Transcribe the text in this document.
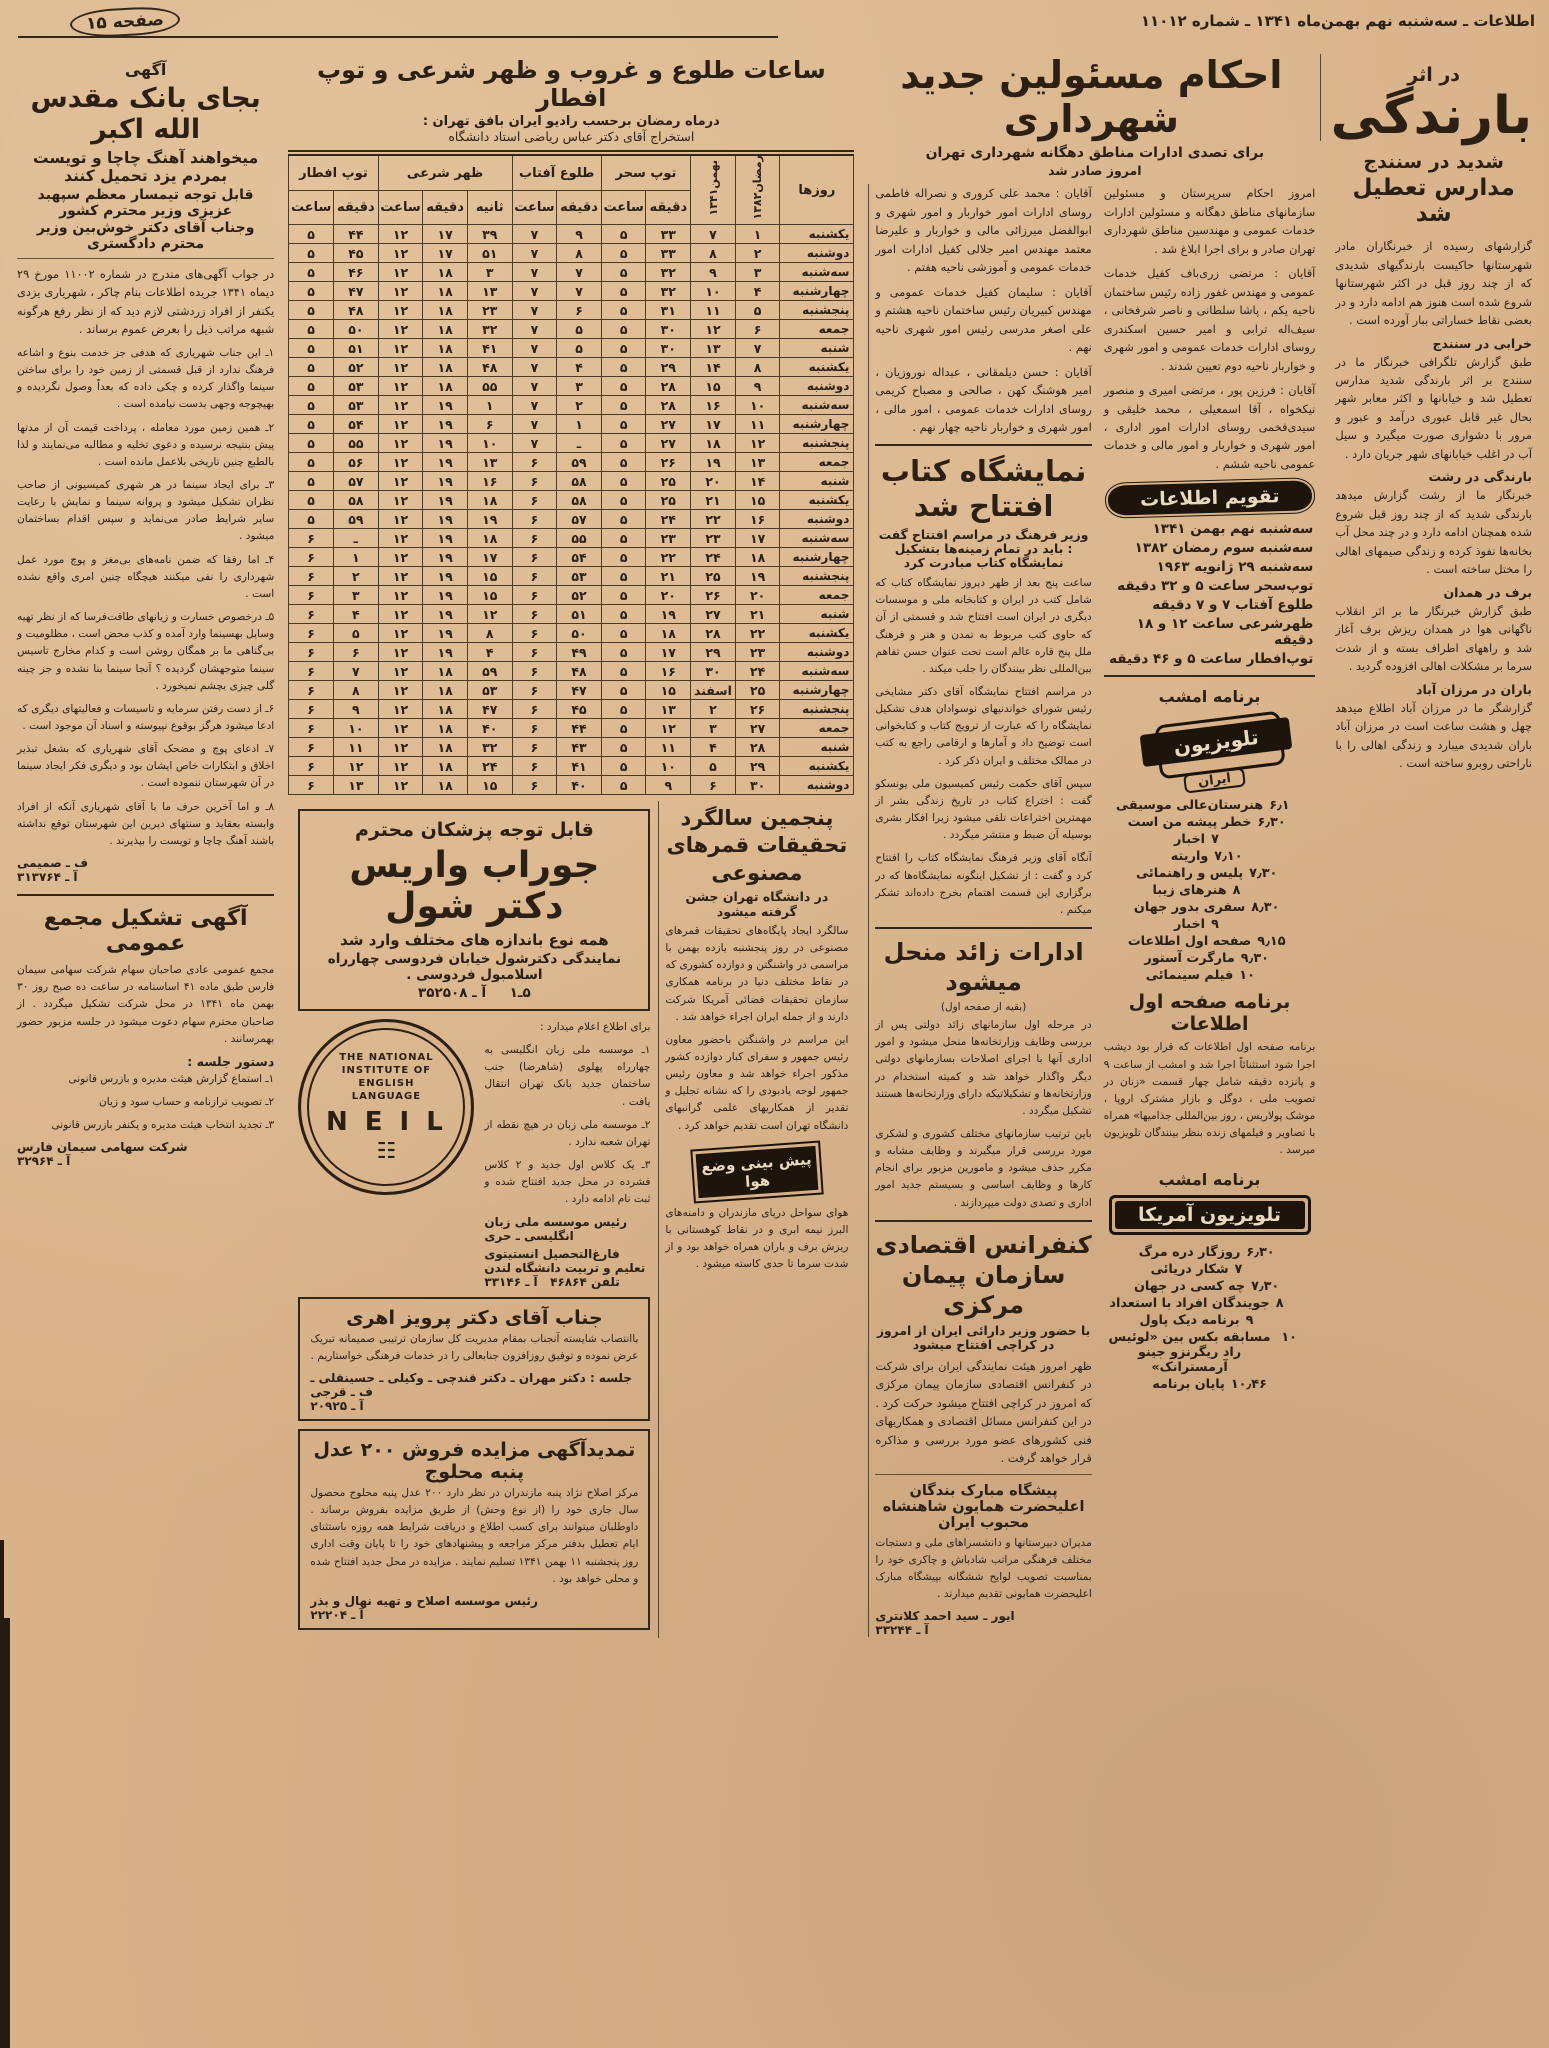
اطلاعات ـ سه‌شنبه نهم بهمن‌ماه ۱۳۴۱ ـ شماره ۱۱۰۱۲
صفحه ۱۵
در اثر
بارندگی
شدید در سنندج
مدارس تعطیل شد

گزارشهای رسیده از خبرنگاران مادر شهرستانها حاکیست بارندگیهای شدیدی که از چند روز قبل در اکثر شهرستانها شروع شده است هنوز هم ادامه دارد و در بعضی نقاط خساراتی ببار آورده است .

خرابی در سنندج

طبق گزارش تلگرافی خبرنگار ما در سنندج بر اثر بارندگی شدید مدارس تعطیل شد و خیابانها و اکثر معابر شهر بحال غیر قابل عبوری درآمد و عبور و مرور با دشواری صورت میگیرد و سیل آب در اغلب خیابانهای شهر جریان دارد .

بارندگی در رشت

خبرنگار ما از رشت گزارش میدهد بارندگی شدید که از چند روز قبل شروع شده همچنان ادامه دارد و در چند محل آب بخانه‌ها نفوذ کرده و زندگی صیمهای اهالی را مختل ساخته است .

برف در همدان

طبق گزارش خبرنگار ما بر اثر انقلاب ناگهانی هوا در همدان ریزش برف آغاز شد و راههای اطراف بسته و از شدت سرما بر مشکلات اهالی افزوده گردید .

باران در مرزان آباد

گزارشگر ما در مرزان آباد اطلاع میدهد چهل و هشت ساعت است در مرزان آباد باران شدیدی میبارد و زندگی اهالی را با ناراحتی روبرو ساخته است .

احکام مسئولین جدید شهرداری
برای تصدی ادارات مناطق دهگانه شهرداری تهران
امروز صادر شد

امروز احکام سرپرستان و مسئولین سازمانهای مناطق دهگانه و مسئولین ادارات خدمات عمومی و مهندسین مناطق شهرداری تهران صادر و برای اجرا ابلاغ شد .

آقایان : مرتضی زری‌باف کفیل خدمات عمومی و مهندس غفور زاده رئیس ساختمان ناحیه یکم ، پاشا سلطانی و ناصر شرفخانی ، سیف‌اله ترابی و امیر حسین اسکندری روسای ادارات خدمات عمومی و امور شهری و خواربار ناحیه دوم تعیین شدند .

آقایان : فرزین پور ، مرتضی امیری و منصور نیکخواه ، آقا اسمعیلی ، محمد خلیقی و سیدی‌فخمی روسای ادارات امور اداری ، امور شهری و خواربار و امور مالی و خدمات عمومی ناحیه ششم .

تقویم اطلاعات
سه‌شنبه نهم بهمن ۱۳۴۱
سه‌شنبه سوم رمضان ۱۳۸۲
سه‌شنبه ۲۹ ژانویه ۱۹۶۳
توپ‌سحر ساعت ۵ و ۳۲ دقیقه
طلوع آفتاب ۷ و ۷ دقیقه
ظهرشرعی ساعت ۱۲ و ۱۸ دقیقه
توپ‌افطار ساعت ۵ و ۴۶ دقیقه
برنامه امشب
تلویزیون
ایران
۶٫۱
هنرستان‌عالی موسیقی
۶٫۳۰
خطر پیشه من است
۷
اخبار
۷٫۱۰
واریته
۷٫۳۰
پلیس و راهنمائی
۸
هنرهای زیبا
۸٫۳۰
سفری بدور جهان
۹
اخبار
۹٫۱۵
صفحه اول اطلاعات
۹٫۳۰
مارگرت آستور
۱۰
فیلم سینمائی
برنامه صفحه اول اطلاعات

برنامه صفحه اول اطلاعات که قرار بود دیشب اجرا شود استثنائاً اجرا شد و امشب از ساعت ۹ و پانزده دقیقه شامل چهار قسمت «زنان در تصویب ملی ، دوگل و بازار مشترک اروپا ، موشک پولاریس ، روز بین‌المللی جذامیها» همراه با تصاویر و فیلمهای زنده بنظر بینندگان تلویزیون میرسد .

برنامه امشب
تلویزیون آمریکا
۶٫۳۰
روزگار دره مرگ
۷
شکار دریائی
۷٫۳۰
چه کسی در جهان
۸
جویندگان افراد با استعداد
۹
برنامه دیک پاول
۱۰
مسابقه بکس بین «لوئیس راد ریگرنزو جینو آرمسترانک»
۱۰٫۴۶
پایان برنامه

آقایان : محمد علی کروری و نصراله فاطمی روسای ادارات امور خواربار و امور شهری و ابوالفضل میرزائی مالی و خواربار و علیرضا معتمد مهندس امیر جلالی کفیل ادارات امور خدمات عمومی و آموزشی ناحیه هفتم .

آقایان : سلیمان کفیل خدمات عمومی و مهندس کبیریان رئیس ساختمان ناحیه هشتم و علی اصغر مدرسی رئیس امور شهری ناحیه نهم .

آقایان : حسن دیلمقانی ، عبداله نوروزیان ، امیر هوشنگ کهن ، صالحی و مصباح کریمی روسای ادارات خدمات عمومی ، امور مالی ، امور شهری و خواربار ناحیه چهار نهم .

نمایشگاه کتاب افتتاح شد
وزیر فرهنگ در مراسم افتتاح گفت : باید در تمام زمینه‌ها بتشکیل نمایشگاه کتاب مبادرت کرد

ساعت پنج بعد از ظهر دیروز نمایشگاه کتاب که شامل کتب در ایران و کتابخانه ملی و موسسات دیگری در ایران است افتتاح شد و قسمتی از آن که حاوی کتب مربوط به تمدن و هنر و فرهنگ ملل پنج قاره عالم است تحت عنوان حسن تفاهم بین‌المللی نظر بینندگان را جلب میکند .

در مراسم افتتاح نمایشگاه آقای دکتر مشایخی رئیس شورای خواندنیهای نوسوادان هدف تشکیل نمایشگاه را که عبارت از ترویج کتاب و کتابخوانی است توضیح داد و آمارها و ارقامی راجع به کتب در ممالک مختلف و ایران ذکر کرد .

سپس آقای حکمت رئیس کمیسیون ملی یونسکو گفت : اختراع کتاب در تاریخ زندگی بشر از مهمترین اختراعات تلقی میشود زیرا افکار بشری بوسیله آن ضبط و منتشر میگردد .

آنگاه آقای وزیر فرهنگ نمایشگاه کتاب را افتتاح کرد و گفت : از تشکیل اینگونه نمایشگاه‌ها که در برگزاری این قسمت اهتمام بخرج داده‌اند تشکر میکنم .

ادارات زائد منحل میشود
(بقیه از صفحه اول)

در مرحله اول سازمانهای زائد دولتی پس از بررسی وظایف وزارتخانه‌ها منحل میشود و امور اداری آنها با اجرای اصلاحات بسازمانهای دولتی دیگر واگذار خواهد شد و کمیته استخدام در وزارتخانه‌ها و تشکیلاتیکه دارای وزارتخانه‌ها هستند تشکیل میگردد .

باین ترتیب سازمانهای مختلف کشوری و لشکری مورد بررسی قرار میگیرند و وظایف مشابه و مکرر حذف میشود و مامورین مزبور برای انجام کارها و وظایف اساسی و بسیستم جدید امور اداری و تصدی دولت میپردازند .

کنفرانس اقتصادی سازمان پیمان مرکزی
با حضور وزیر دارائی ایران از امروز در کراچی افتتاح میشود

ظهر امروز هیئت نمایندگی ایران برای شرکت در کنفرانس اقتصادی سازمان پیمان مرکزی که امروز در کراچی افتتاح میشود حرکت کرد . در این کنفرانس مسائل اقتصادی و همکاریهای فنی کشورهای عضو مورد بررسی و مذاکره قرار خواهد گرفت .

پیشگاه مبارک بندگان اعلیحضرت همایون شاهنشاه محبوب ایران

مدیران دبیرستانها و دانشسراهای ملی و دستجات مختلف فرهنگی مراتب شادباش و چاکری خود را بمناسبت تصویب لوایح ششگانه بپیشگاه مبارک اعلیحضرت همایونی تقدیم میدارند .

ایور ـ سید احمد کلانتری
آ ـ ۳۳۲۴۴
ساعات طلوع و غروب و ظهر شرعی و توپ افطار
درماه رمضان برحسب رادیو ایران بافق تهران :
استخراج آقای دکتر عباس ریاضی استاد دانشگاه
روزها	رمضان۱۳۸۲	بهمن۱۳۴۱	توپ سحر		طلوع آفتاب		ظهر شرعی			توپ افطار	
			دقیقه	ساعت	دقیقه	ساعت	ثانیه	دقیقه	ساعت	دقیقه	ساعت
یکشنبه	۱	۷	۳۳	۵	۹	۷	۳۹	۱۷	۱۲	۴۴	۵
دوشنبه	۲	۸	۳۳	۵	۸	۷	۵۱	۱۷	۱۲	۴۵	۵
سه‌شنبه	۳	۹	۳۲	۵	۷	۷	۳	۱۸	۱۲	۴۶	۵
چهارشنبه	۴	۱۰	۳۲	۵	۷	۷	۱۳	۱۸	۱۲	۴۷	۵
پنجشنبه	۵	۱۱	۳۱	۵	۶	۷	۲۳	۱۸	۱۲	۴۸	۵
جمعه	۶	۱۲	۳۰	۵	۵	۷	۳۲	۱۸	۱۲	۵۰	۵
شنبه	۷	۱۳	۳۰	۵	۵	۷	۴۱	۱۸	۱۲	۵۱	۵
یکشنبه	۸	۱۴	۲۹	۵	۴	۷	۴۸	۱۸	۱۲	۵۲	۵
دوشنبه	۹	۱۵	۲۸	۵	۳	۷	۵۵	۱۸	۱۲	۵۳	۵
سه‌شنبه	۱۰	۱۶	۲۸	۵	۲	۷	۱	۱۹	۱۲	۵۳	۵
چهارشنبه	۱۱	۱۷	۲۷	۵	۱	۷	۶	۱۹	۱۲	۵۴	۵
پنجشنبه	۱۲	۱۸	۲۷	۵	ـ	۷	۱۰	۱۹	۱۲	۵۵	۵
جمعه	۱۳	۱۹	۲۶	۵	۵۹	۶	۱۳	۱۹	۱۲	۵۶	۵
شنبه	۱۴	۲۰	۲۵	۵	۵۸	۶	۱۶	۱۹	۱۲	۵۷	۵
یکشنبه	۱۵	۲۱	۲۵	۵	۵۸	۶	۱۸	۱۹	۱۲	۵۸	۵
دوشنبه	۱۶	۲۲	۲۴	۵	۵۷	۶	۱۹	۱۹	۱۲	۵۹	۵
سه‌شنبه	۱۷	۲۳	۲۳	۵	۵۵	۶	۱۸	۱۹	۱۲	ـ	۶
چهارشنبه	۱۸	۲۴	۲۲	۵	۵۴	۶	۱۷	۱۹	۱۲	۱	۶
پنجشنبه	۱۹	۲۵	۲۱	۵	۵۳	۶	۱۵	۱۹	۱۲	۲	۶
جمعه	۲۰	۲۶	۲۰	۵	۵۲	۶	۱۵	۱۹	۱۲	۳	۶
شنبه	۲۱	۲۷	۱۹	۵	۵۱	۶	۱۲	۱۹	۱۲	۴	۶
یکشنبه	۲۲	۲۸	۱۸	۵	۵۰	۶	۸	۱۹	۱۲	۵	۶
دوشنبه	۲۳	۲۹	۱۷	۵	۴۹	۶	۴	۱۹	۱۲	۶	۶
سه‌شنبه	۲۴	۳۰	۱۶	۵	۴۸	۶	۵۹	۱۸	۱۲	۷	۶
چهارشنبه	۲۵	اسفند	۱۵	۵	۴۷	۶	۵۳	۱۸	۱۲	۸	۶
پنجشنبه	۲۶	۲	۱۳	۵	۴۵	۶	۴۷	۱۸	۱۲	۹	۶
جمعه	۲۷	۳	۱۲	۵	۴۴	۶	۴۰	۱۸	۱۲	۱۰	۶
شنبه	۲۸	۴	۱۱	۵	۴۳	۶	۳۲	۱۸	۱۲	۱۱	۶
یکشنبه	۲۹	۵	۱۰	۵	۴۱	۶	۲۴	۱۸	۱۲	۱۲	۶
دوشنبه	۳۰	۶	۹	۵	۴۰	۶	۱۵	۱۸	۱۲	۱۳	۶
پنجمین سالگرد تحقیقات قمرهای مصنوعی
در دانشگاه تهران جشن گرفته میشود

سالگرد ایجاد پایگاه‌های تحقیقات قمرهای مصنوعی در روز پنجشنبه یازده بهمن با مراسمی در واشنگتن و دوازده کشوری که در نقاط مختلف دنیا در برنامه همکاری سازمان تحقیقات فضائی آمریکا شرکت دارند و از جمله ایران اجراء خواهد شد .

این مراسم در واشنگتن باحضور معاون رئیس جمهور و سفرای کبار دوازده کشور مذکور اجراء خواهد شد و معاون رئیس جمهور لوحه یادبودی را که نشانه تجلیل و تقدیر از همکاریهای علمی گرانبهای دانشگاه تهران است تقدیم خواهد کرد .

پیش بینی وضع هوا

هوای سواحل دریای مازندران و دامنه‌های البرز نیمه ابری و در نقاط کوهستانی با ریزش برف و باران همراه خواهد بود و از شدت سرما تا حدی کاسته میشود .

قابل توجه پزشکان محترم
جوراب واریس دکتر شول
همه نوع باندازه های مختلف وارد شد
نمایندگی دکترشول خیابان فردوسی چهارراه اسلامبول فردوسی .
۵ـ۱     آ ـ ۳۵۲۵۰۸

برای اطلاع اعلام میدارد :

۱ـ موسسه ملی زبان انگلیسی به چهارراه پهلوی (شاهرضا) جنب ساختمان جدید بانک تهران انتقال یافت .

۲ـ موسسه ملی زبان در هیچ نقطه از تهران شعبه ندارد .

۳ـ یک کلاس اول جدید و ۲ کلاس فشرده در محل جدید افتتاح شده و ثبت نام ادامه دارد .

رئیس موسسه ملی زبان انگلیسی ـ حری
فارغ‌التحصیل انستیتوی تعلیم و تربیت دانشگاه لندن
تلفن ۴۶۸۶۴   آ ـ ۳۳۱۴۶
THE NATIONAL INSTITUTE OF ENGLISH LANGUAGE
N E I L
☷
جناب آقای دکتر پرویز اهری

باانتصاب شایسته آنجناب بمقام مدیریت کل سازمان ترتیبی صمیمانه تبریک عرض نموده و توفیق روزافزون جنابعالی را در خدمات فرهنگی خواستاریم .

جلسه : دکتر مهران ـ دکتر قندچی ـ وکیلی ـ حسینقلی ـ ف ـ قرجی
آ ـ ۲۰۹۲۵
تمدیدآگهی مزایده فروش ۲۰۰ عدل پنبه محلوج

مرکز اصلاح نژاد پنبه مازندران در نظر دارد ۲۰۰ عدل پنبه محلوج محصول سال جاری خود را (از نوع وحش) از طریق مزایده بفروش برساند . داوطلبان میتوانند برای کسب اطلاع و دریافت شرایط همه روزه باستثنای ایام تعطیل بدفتر مرکز مراجعه و پیشنهادهای خود را تا پایان وقت اداری روز پنجشنبه ۱۱ بهمن ۱۳۴۱ تسلیم نمایند . مزایده در محل جدید افتتاح شده و محلی خواهد بود .

رئیس موسسه اصلاح و تهیه نهال و بذر
آ ـ ۲۲۲۰۴
آگهی
بجای بانک مقدس الله اکبر
میخواهند آهنگ چاچا و تویست بمردم یزد تحمیل کنند
قابل توجه تیمسار معظم سپهبد عزیزی وزیر محترم کشور
وجناب آقای دکتر خوش‌بین وزیر محترم دادگستری

در جواب آگهی‌های مندرج در شماره ۱۱۰۰۲ مورخ ۲۹ دیماه ۱۳۴۱ جریده اطلاعات بنام چاکر ، شهریاری یزدی یکنفر از افراد زردشتی لازم دید که از نظر رفع هرگونه شبهه مراتب ذیل را بعرض عموم برساند .

۱ـ این جناب شهریاری که هدفی جز خدمت بنوع و اشاعه فرهنگ ندارد از قبل قسمتی از زمین خود را برای ساختن سینما واگذار کرده و چکی داده که بعداً وصول نگردیده و بهیچوجه وجهی بدست نیامده است .

۲ـ همین زمین مورد معامله ، پرداخت قیمت آن از مدتها پیش بنتیجه نرسیده و دعوی تخلیه و مطالبه می‌نمایند و لذا بالطبع چنین تاریخی بلاعمل مانده است .

۳ـ برای ایجاد سینما در هر شهری کمیسیونی از صاحب نظران تشکیل میشود و پروانه سینما و نمایش با رعایت سایر شرایط صادر می‌نماید و سپس اقدام بساختمان میشود .

۴ـ اما رفقا که ضمن نامه‌های بی‌مغز و پوچ مورد عمل شهرداری را نفی میکنند هیچگاه چنین امری واقع نشده است .

۵ـ درخصوص خسارت و زیانهای طاقت‌فرسا که از نظر تهیه وسایل بهسینما وارد آمده و کذب محض است ، مظلومیت و بی‌گناهی ما بر همگان روشن است و کدام مخارج تاسیس سینما متوجهشان گردیده ؟ آنجا سینما بنا نشده و جز چینه گلی چیزی بچشم نمیخورد .

۶ـ از دست رفتن سرمایه و تاسیسات و فعالیتهای دیگری که ادعا میشود هرگز بوقوع نپیوسته و اسناد آن موجود است .

۷ـ ادعای پوچ و مضحک آقای شهریاری که بشغل تبذیر اخلاق و ابتکارات خاص ایشان بود و دیگری فکر ایجاد سینما در آن شهرستان ننموده است .

۸ـ و اما آخرین حرف ما با آقای شهریاری آنکه از افراد وابسته بعقاید و سنتهای دیرین این شهرستان توقع نداشته باشند آهنگ چاچا و تویست را بپذیرند .

ف ـ صمیمی
آ ـ ۳۱۳۷۶۴
آگهی تشکیل مجمع عمومی

مجمع عمومی عادی صاحبان سهام شرکت سهامی سیمان فارس طبق ماده ۴۱ اساسنامه در ساعت ده صبح روز ۳۰ بهمن ماه ۱۳۴۱ در محل شرکت تشکیل میگردد . از صاحبان محترم سهام دعوت میشود در جلسه مزبور حضور بهمرسانند .

دستور جلسه :

۱ـ استماع گزارش هیئت مدیره و بازرس قانونی

۲ـ تصویب ترازنامه و حساب سود و زیان

۳ـ تجدید انتخاب هیئت مدیره و یکنفر بازرس قانونی

شرکت سهامی سیمان فارس
آ ـ ۳۲۹۶۴
